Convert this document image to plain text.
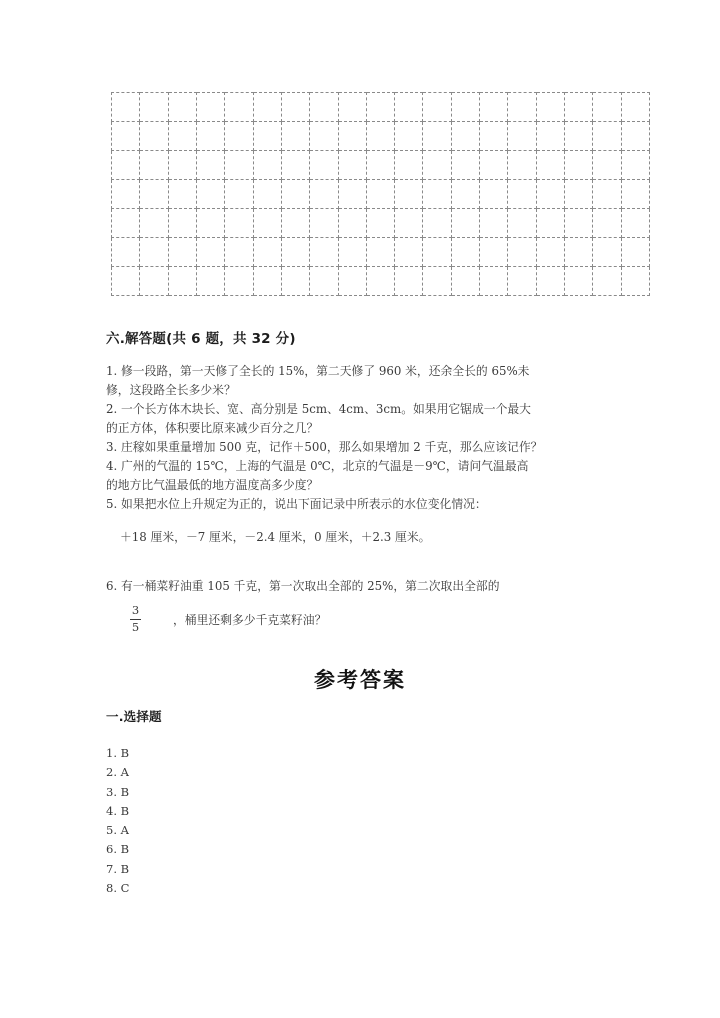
六.解答题(共 6 题，共 32 分)
1. 修一段路，第一天修了全长的 15%，第二天修了 960 米，还余全长的 65%未
修，这段路全长多少米？
2. 一个长方体木块长、宽、高分别是 5cm、4cm、3cm。如果用它锯成一个最大
的正方体，体积要比原来减少百分之几？
3. 庄稼如果重量增加 500 克，记作＋500，那么如果增加 2 千克，那么应该记作？
4. 广州的气温的 15℃，上海的气温是 0℃，北京的气温是－9℃，请问气温最高
的地方比气温最低的地方温度高多少度？
5. 如果把水位上升规定为正的，说出下面记录中所表示的水位变化情况：
＋18 厘米，－7 厘米，－2.4 厘米，0 厘米，＋2.3 厘米。
6. 有一桶菜籽油重 105 千克，第一次取出全部的 25%，第二次取出全部的
$\frac{3}{5}$	，桶里还剩多少千克菜籽油？
参考答案
一.选择题
1. B
2. A
3. B
4. B
5. A
6. B
7. B
8. C
